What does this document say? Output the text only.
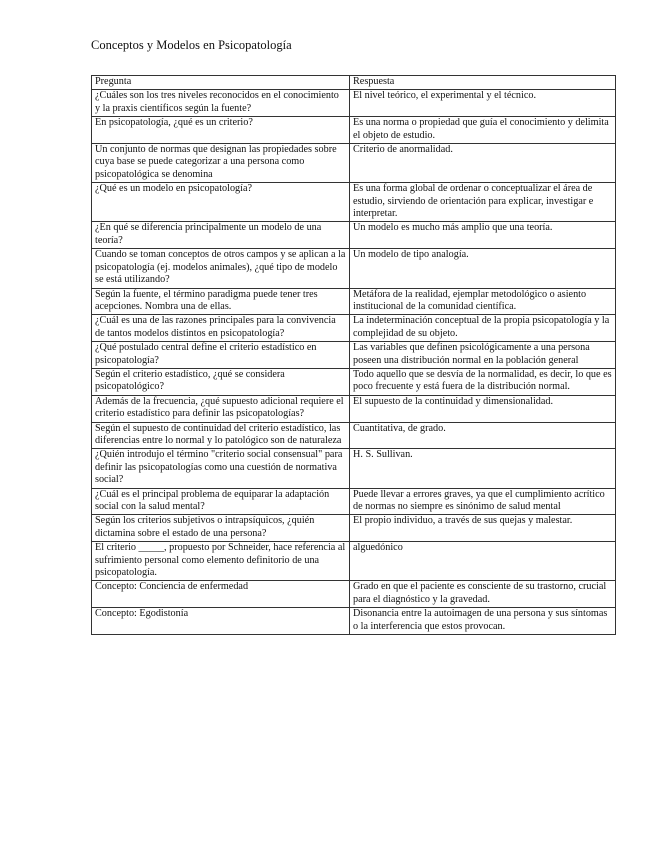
Conceptos y Modelos en Psicopatología
Pregunta	Respuesta
¿Cuáles son los tres niveles reconocidos en el conocimiento y la praxis científicos según la fuente?	El nivel teórico, el experimental y el técnico.
En psicopatología, ¿qué es un criterio?	Es una norma o propiedad que guía el conocimiento y delimita el objeto de estudio.
Un conjunto de normas que designan las propiedades sobre cuya base se puede categorizar a una persona como psicopatológica se denomina	Criterio de anormalidad.
¿Qué es un modelo en psicopatología?	Es una forma global de ordenar o conceptualizar el área de estudio, sirviendo de orientación para explicar, investigar e interpretar.
¿En qué se diferencia principalmente un modelo de una teoría?	Un modelo es mucho más amplio que una teoría.
Cuando se toman conceptos de otros campos y se aplican a la psicopatología (ej. modelos animales), ¿qué tipo de modelo se está utilizando?	Un modelo de tipo analogía.
Según la fuente, el término paradigma puede tener tres acepciones. Nombra una de ellas.	Metáfora de la realidad, ejemplar metodológico o asiento institucional de la comunidad científica.
¿Cuál es una de las razones principales para la convivencia de tantos modelos distintos en psicopatología?	La indeterminación conceptual de la propia psicopatología y la complejidad de su objeto.
¿Qué postulado central define el criterio estadístico en psicopatología?	Las variables que definen psicológicamente a una persona poseen una distribución normal en la población general
Según el criterio estadístico, ¿qué se considera psicopatológico?	Todo aquello que se desvía de la normalidad, es decir, lo que es poco frecuente y está fuera de la distribución normal.
Además de la frecuencia, ¿qué supuesto adicional requiere el criterio estadístico para definir las psicopatologías?	El supuesto de la continuidad y dimensionalidad.
Según el supuesto de continuidad del criterio estadístico, las diferencias entre lo normal y lo patológico son de naturaleza	Cuantitativa, de grado.
¿Quién introdujo el término "criterio social consensual" para definir las psicopatologías como una cuestión de normativa social?	H. S. Sullivan.
¿Cuál es el principal problema de equiparar la adaptación social con la salud mental?	Puede llevar a errores graves, ya que el cumplimiento acrítico de normas no siempre es sinónimo de salud mental
Según los criterios subjetivos o intrapsíquicos, ¿quién dictamina sobre el estado de una persona?	El propio individuo, a través de sus quejas y malestar.
El criterio _____, propuesto por Schneider, hace referencia al sufrimiento personal como elemento definitorio de una psicopatología.	alguedónico
Concepto: Conciencia de enfermedad	Grado en que el paciente es consciente de su trastorno, crucial para el diagnóstico y la gravedad.
Concepto: Egodistonía	Disonancia entre la autoimagen de una persona y sus síntomas o la interferencia que estos provocan.
